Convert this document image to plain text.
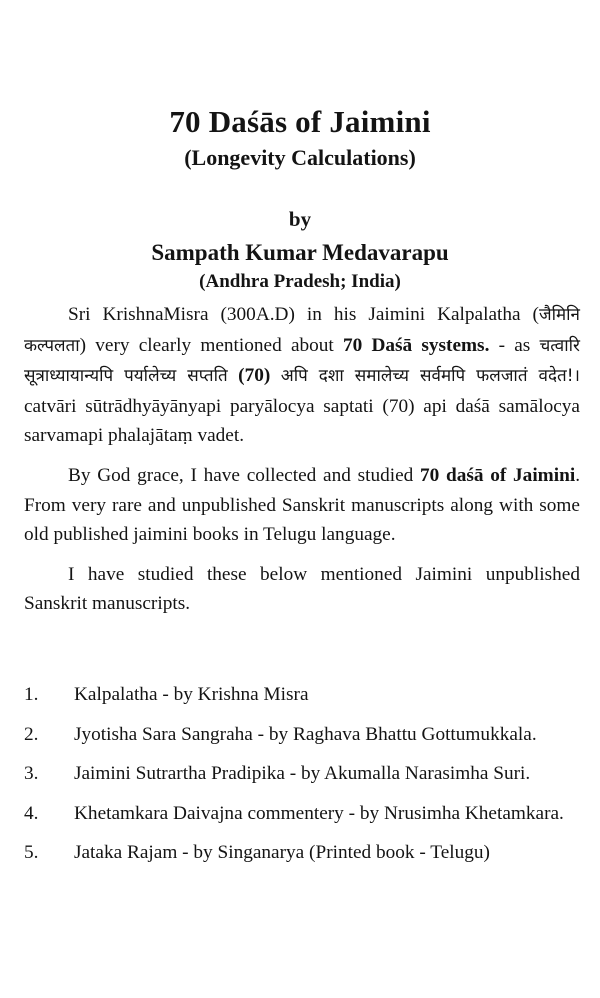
70 Daśās of Jaimini
(Longevity Calculations)
by
Sampath Kumar Medavarapu
(Andhra Pradesh; India)

Sri KrishnaMisra (300A.D) in his Jaimini Kalpalatha (जैमिनि कल्पलता) very clearly mentioned about 70 Daśā systems. - as चत्वारि सूत्राध्यायान्यपि पर्यालेच्य सप्तति (70) अपि दशा समालेच्य सर्वमपि फलजातं वदेत!। catvāri sūtrādhyāyānyapi paryālocya saptati (70) api daśā samālocya sarvamapi phalajātaṃ vadet.

By God grace, I have collected and studied 70 daśā of Jaimini. From very rare and unpublished Sanskrit manuscripts along with some old published jaimini books in Telugu language.

I have studied these below mentioned Jaimini unpublished Sanskrit manuscripts.

1.	Kalpalatha - by Krishna Misra
2.	Jyotisha Sara Sangraha - by Raghava Bhattu Gottumukkala.
3.	Jaimini Sutrartha Pradipika - by Akumalla Narasimha Suri.
4.	Khetamkara Daivajna commentery - by Nrusimha Khetamkara.
5.	Jataka Rajam - by Singanarya (Printed book - Telugu)
